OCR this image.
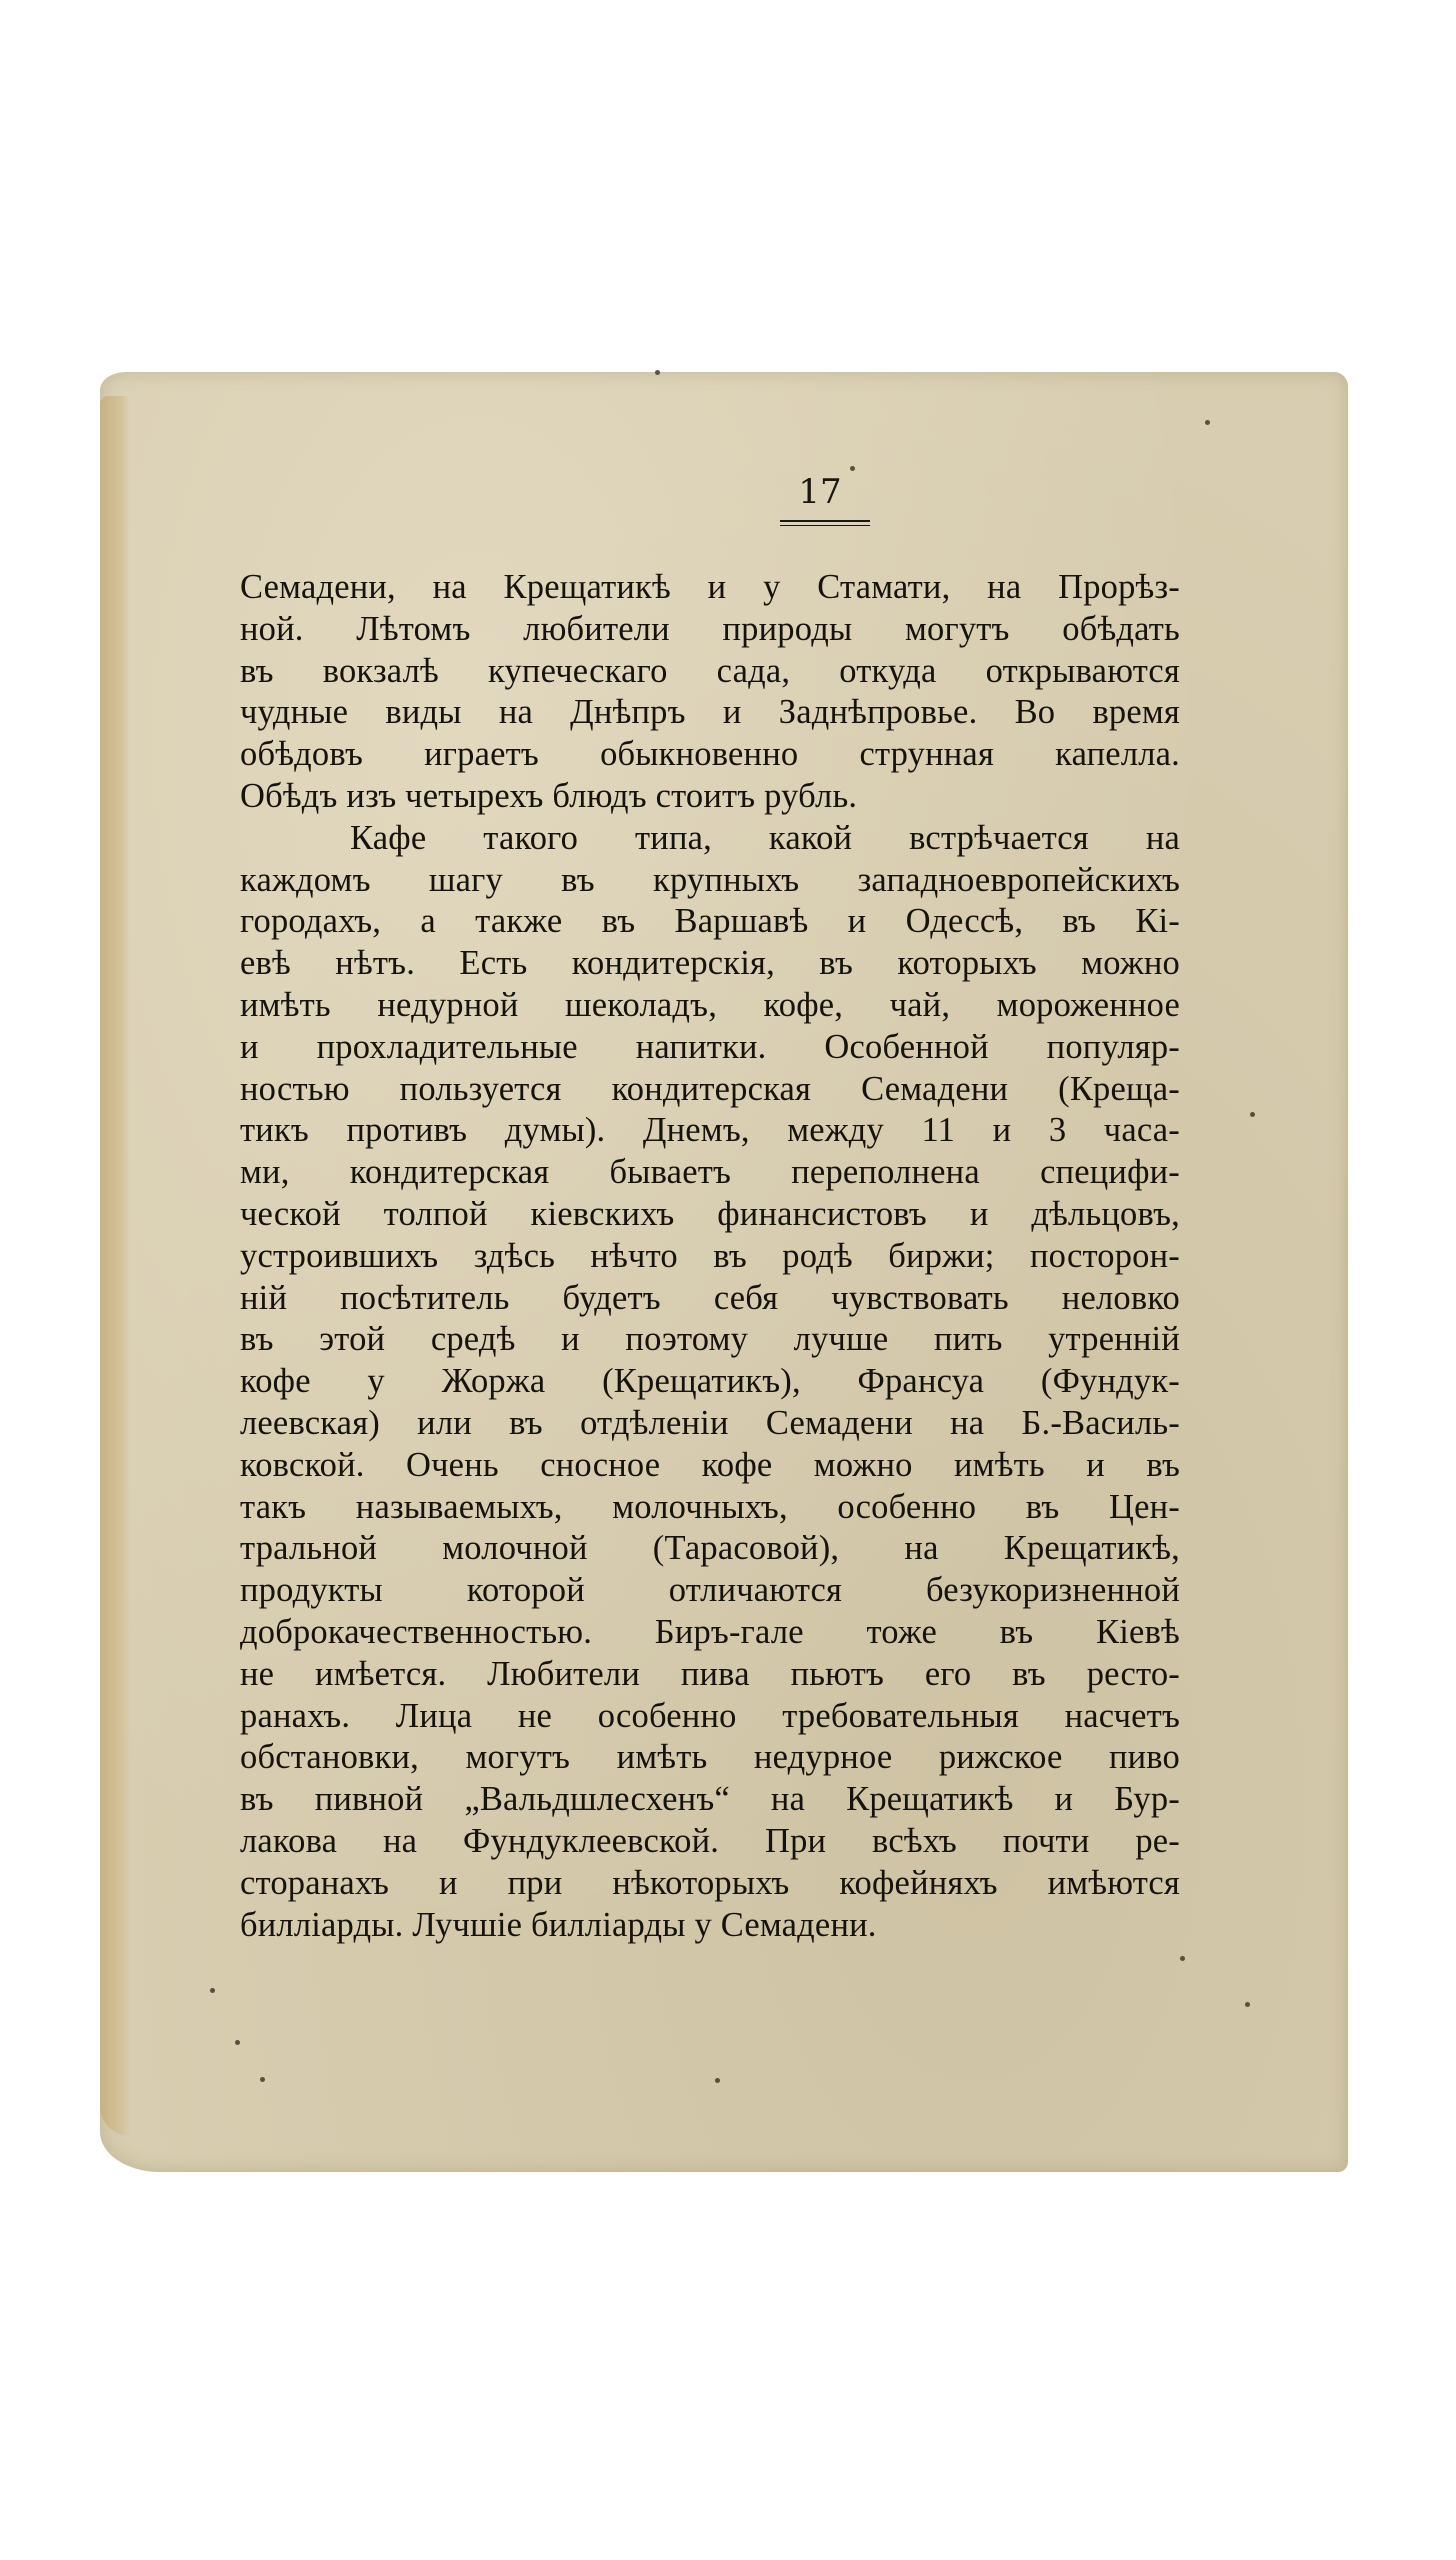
17
Семадени, на Крещатикѣ и у Стамати, на Прорѣз-
ной. Лѣтомъ любители природы могутъ обѣдать
въ вокзалѣ купеческаго сада, откуда открываются
чудные виды на Днѣпръ и Заднѣпровье. Во время
обѣдовъ играетъ обыкновенно струнная капелла.
Обѣдъ изъ четырехъ блюдъ стоитъ рубль.
Кафе такого типа, какой встрѣчается на
каждомъ шагу въ крупныхъ западноевропейскихъ
городахъ, а также въ Варшавѣ и Одессѣ, въ Кі-
евѣ нѣтъ. Есть кондитерскія, въ которыхъ можно
имѣть недурной шеколадъ, кофе, чай, мороженное
и прохладительные напитки. Особенной популяр-
ностью пользуется кондитерская Семадени (Креща-
тикъ противъ думы). Днемъ, между 11 и 3 часа-
ми, кондитерская бываетъ переполнена специфи-
ческой толпой кіевскихъ финансистовъ и дѣльцовъ,
устроившихъ здѣсь нѣчто въ родѣ биржи; посторон-
ній посѣтитель будетъ себя чувствовать неловко
въ этой средѣ и поэтому лучше пить утренній
кофе у Жоржа (Крещатикъ), Франсуа (Фундук-
леевская) или въ отдѣленіи Семадени на Б.-Василь-
ковской. Очень сносное кофе можно имѣть и въ
такъ называемыхъ, молочныхъ, особенно въ Цен-
тральной молочной (Тарасовой), на Крещатикѣ,
продукты которой отличаются безукоризненной
доброкачественностью. Биръ-гале тоже въ Кіевѣ
не имѣется. Любители пива пьютъ его въ ресто-
ранахъ. Лица не особенно требовательныя насчетъ
обстановки, могутъ имѣть недурное рижское пиво
въ пивной „Вальдшлесхенъ“ на Крещатикѣ и Бур-
лакова на Фундуклеевской. При всѣхъ почти ре-
сторанахъ и при нѣкоторыхъ кофейняхъ имѣются
билліарды. Лучшіе билліарды у Семадени.
